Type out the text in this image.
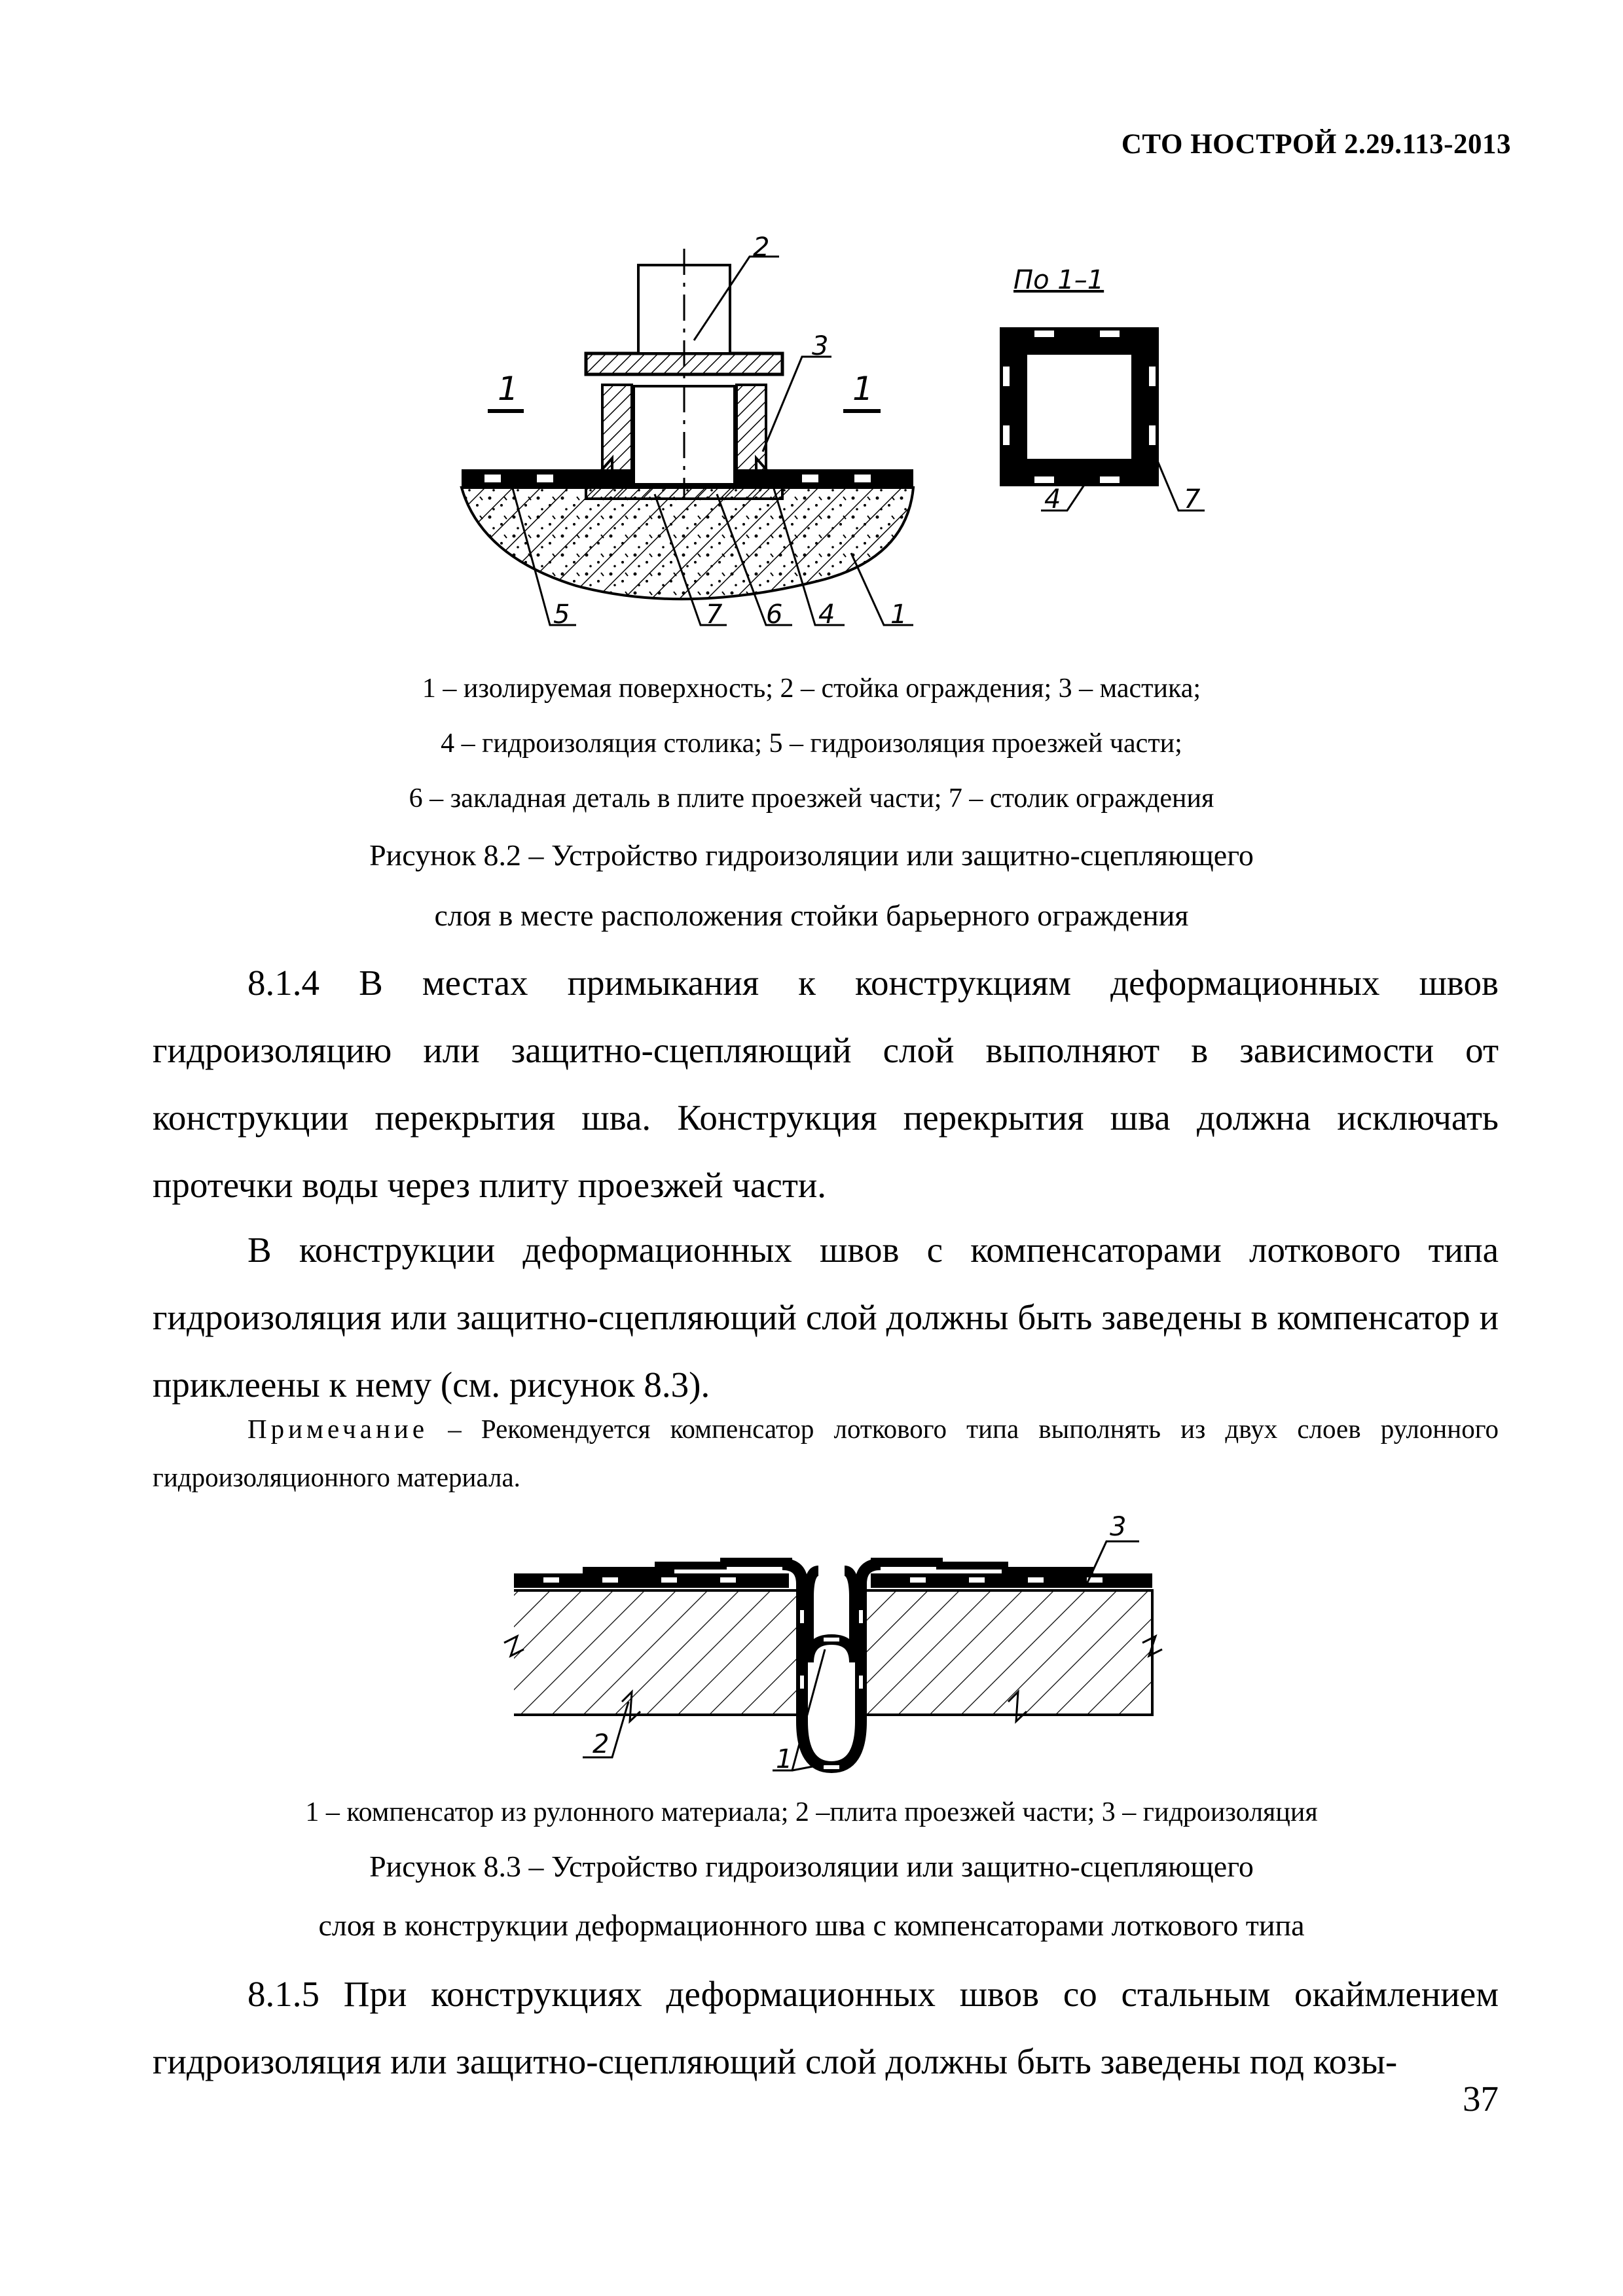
СТО НОСТРОЙ 2.29.113-2013
2
3
1	1
5	7 6 4 1
По 1–1
4	7
1 – изолируемая поверхность; 2 – стойка ограждения; 3 – мастика;
4 – гидроизоляция столика; 5 – гидроизоляция проезжей части;
6 – закладная деталь в плите проезжей части; 7 – столик ограждения
Рисунок 8.2 – Устройство гидроизоляции или защитно-сцепляющего
слоя в месте расположения стойки барьерного ограждения
8.1.4 В местах примыкания к конструкциям деформационных швов гидроизоляцию или защитно-сцепляющий слой выполняют в зависимости от конструкции перекрытия шва. Конструкция перекрытия шва должна исключать протечки воды через плиту проезжей части.
В конструкции деформационных швов с компенсаторами лоткового типа гидроизоляция или защитно-сцепляющий слой должны быть заведены в компенсатор и приклеены к нему (см. рисунок 8.3).
Примечание – Рекомендуется компенсатор лоткового типа выполнять из двух слоев рулонного гидроизоляционного материала.
1
2
3
1 – компенсатор из рулонного материала; 2 –плита проезжей части; 3 – гидроизоляция
Рисунок 8.3 – Устройство гидроизоляции или защитно-сцепляющего
слоя в конструкции деформационного шва с компенсаторами лоткового типа
8.1.5 При конструкциях деформационных швов со стальным окаймлением гидроизоляция или защитно-сцепляющий слой должны быть заведены под козы-
37
